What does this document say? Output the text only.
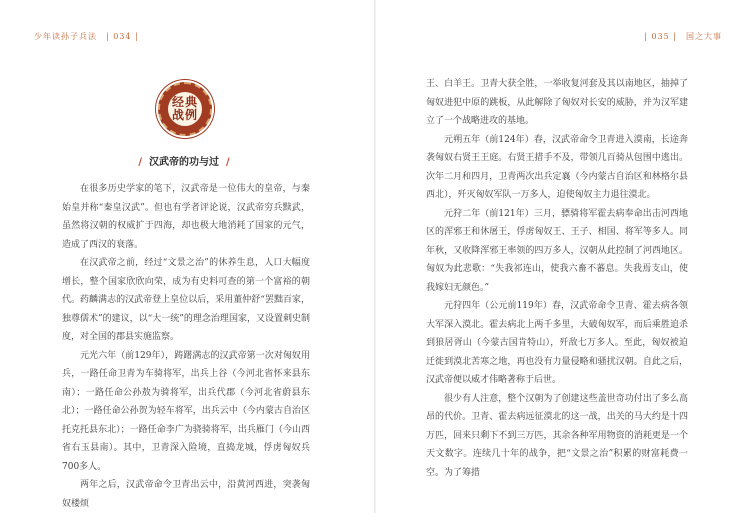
少年读孙子兵法　| 034 |
经典战例
/ 汉武帝的功与过 /

在很多历史学家的笔下，汉武帝是一位伟大的皇帝，与秦始皇并称“秦皇汉武”。但也有学者评论说，汉武帝穷兵黩武，虽然将汉朝的权威扩于四海，却也极大地消耗了国家的元气，造成了西汉的衰落。

在汉武帝之前，经过“文景之治”的休养生息，人口大幅度增长，整个国家欣欣向荣，成为有史料可查的第一个富裕的朝代。药麟满志的汉武帝登上皇位以后，采用董仲舒“罢黜百家，独尊儒术”的建议，以“大一统”的理念治理国家，又设置刺史制度，对全国的郡县实施监察。

元光六年（前129年），踌躇满志的汉武帝第一次对匈奴用兵，一路任命卫青为车骑将军，出兵上谷（今河北省怀来县东南）；一路任命公孙敖为骑将军，出兵代郡（今河北省蔚县东北）；一路任命公孙贺为轻车将军，出兵云中（今内蒙古自治区托克托县东北）；一路任命李广为骁骑将军，出兵雁门（今山西省右玉县南）。其中，卫青深入险境，直捣龙城，俘虏匈奴兵700多人。

两年之后，汉武帝命令卫青出云中，沿黄河西进，突袭匈奴楼烦

| 035 |　国之大事

王、白羊王。卫青大获全胜，一举收复河套及其以南地区，抽掉了匈奴进犯中原的跳板，从此解除了匈奴对长安的威胁，并为汉军建立了一个战略进攻的基地。

元朔五年（前124年）春，汉武帝命令卫青进入漠南，长途奔袭匈奴右贤王王庭。右贤王措手不及，带领几百骑从包围中逃出。次年二月和四月，卫青两次出兵定襄（今内蒙古自治区和林格尔县西北），歼灭匈奴军队一万多人，迫使匈奴主力退往漠北。

元狩二年（前121年）三月，骠骑将军霍去病奉命出击河西地区的浑邪王和休屠王，俘虏匈奴王、王子、相国、将军等多人。同年秋，又收降浑邪王率领的四万多人，汉朝从此控制了河西地区。匈奴为此悲歌：“失我祁连山，使我六畜不蕃息。失我焉支山，使我嫁妇无颜色。”

元狩四年（公元前119年）春，汉武帝命令卫青、霍去病各领大军深入漠北。霍去病北上两千多里，大破匈奴军，而后乘胜追杀到狼居胥山（今蒙古国肯特山），歼敌七万多人。至此，匈奴被迫迁徙到漠北苦寒之地，再也没有力量侵略和骚扰汉朝。自此之后，汉武帝便以威才伟略著称于后世。

很少有人注意，整个汉朝为了创建这些盖世奇功付出了多么高昂的代价。卫青、霍去病远征漠北的这一战，出关的马大约是十四万匹，回来只剩下不到三万匹，其余各种军用物资的消耗更是一个天文数字。连续几十年的战争，把“文景之治”积累的财富耗费一空。为了筹措
